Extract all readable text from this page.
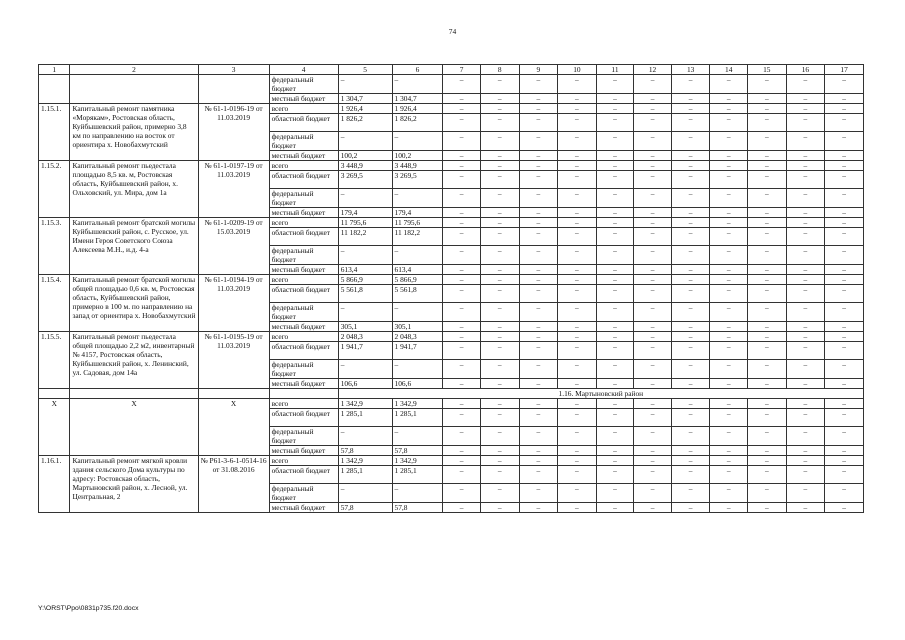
74
1	2	3	4	5	6	7	8	9	10	11	12	13	14	15	16	17
			федеральный бюджет	–	–	–	–	–	–	–	–	–	–	–	–	–
			местный бюджет	1 304,7	1 304,7	–	–	–	–	–	–	–	–	–	–	–
1.15.1.	Капитальный ремонт памятника «Морякам», Ростовская область, Куйбышевский район, примерно 3,8 км по направлению на восток от ориентира х. Новобахмутский	№ 61-1-0196-19 от 11.03.2019	всего	1 926,4	1 926,4	–	–	–	–	–	–	–	–	–	–	–
			областной бюджет	1 826,2	1 826,2	–	–	–	–	–	–	–	–	–	–	–
			федеральный бюджет	–	–	–	–	–	–	–	–	–	–	–	–	–
			местный бюджет	100,2	100,2	–	–	–	–	–	–	–	–	–	–	–
1.15.2.	Капитальный ремонт пьедестала площадью 8,5 кв. м, Ростовская область, Куйбышевский район, х. Ольховский, ул. Мира, дом 1а	№ 61-1-0197-19 от 11.03.2019	всего	3 448,9	3 448,9	–	–	–	–	–	–	–	–	–	–	–
			областной бюджет	3 269,5	3 269,5	–	–	–	–	–	–	–	–	–	–	–
			федеральный бюджет	–	–	–	–	–	–	–	–	–	–	–	–	–
			местный бюджет	179,4	179,4	–	–	–	–	–	–	–	–	–	–	–
1.15.3.	Капитальный ремонт братской могилы Куйбышевский район, с. Русское, ул. Имени Героя Советского Союза Алексеева М.Н., и.д. 4-а	№ 61-1-0209-19 от 15.03.2019	всего	11 795,6	11 795,6	–	–	–	–	–	–	–	–	–	–	–
			областной бюджет	11 182,2	11 182,2	–	–	–	–	–	–	–	–	–	–	–
			федеральный бюджет	–	–	–	–	–	–	–	–	–	–	–	–	–
			местный бюджет	613,4	613,4	–	–	–	–	–	–	–	–	–	–	–
1.15.4.	Капитальный ремонт братской могилы общей площадью 0,6 кв. м, Ростовская область, Куйбышевский район, примерно в 100 м. по направлению на запад от ориентира х. Новобахмутский	№ 61-1-0194-19 от 11.03.2019	всего	5 866,9	5 866,9	–	–	–	–	–	–	–	–	–	–	–
			областной бюджет	5 561,8	5 561,8	–	–	–	–	–	–	–	–	–	–	–
			федеральный бюджет	–	–	–	–	–	–	–	–	–	–	–	–	–
			местный бюджет	305,1	305,1	–	–	–	–	–	–	–	–	–	–	–
1.15.5.	Капитальный ремонт пьедестала общей площадью 2,2 м2, инвентарный № 4157, Ростовская область, Куйбышевский район, х. Ленинский, ул. Садовая, дом 14а	№ 61-1-0195-19 от 11.03.2019	всего	2 048,3	2 048,3	–	–	–	–	–	–	–	–	–	–	–
			областной бюджет	1 941,7	1 941,7	–	–	–	–	–	–	–	–	–	–	–
			федеральный бюджет	–	–	–	–	–	–	–	–	–	–	–	–	–
			местный бюджет	106,6	106,6	–	–	–	–	–	–	–	–	–	–	–
				1.16. Мартыновский район												
X	X	X	всего	1 342,9	1 342,9	–	–	–	–	–	–	–	–	–	–	–
			областной бюджет	1 285,1	1 285,1	–	–	–	–	–	–	–	–	–	–	–
			федеральный бюджет	–	–	–	–	–	–	–	–	–	–	–	–	–
			местный бюджет	57,8	57,8	–	–	–	–	–	–	–	–	–	–	–
1.16.1.	Капитальный ремонт мягкой кровли здания сельского Дома культуры по адресу: Ростовская область, Мартыновский район, х. Лесной, ул. Центральная, 2	№ Р61-3-6-1-0514-16 от 31.08.2016	всего	1 342,9	1 342,9	–	–	–	–	–	–	–	–	–	–	–
			областной бюджет	1 285,1	1 285,1	–	–	–	–	–	–	–	–	–	–	–
			федеральный бюджет	–	–	–	–	–	–	–	–	–	–	–	–	–
			местный бюджет	57,8	57,8	–	–	–	–	–	–	–	–	–	–	–
Y:\ORST\Ppo\0831p735.f20.docx
